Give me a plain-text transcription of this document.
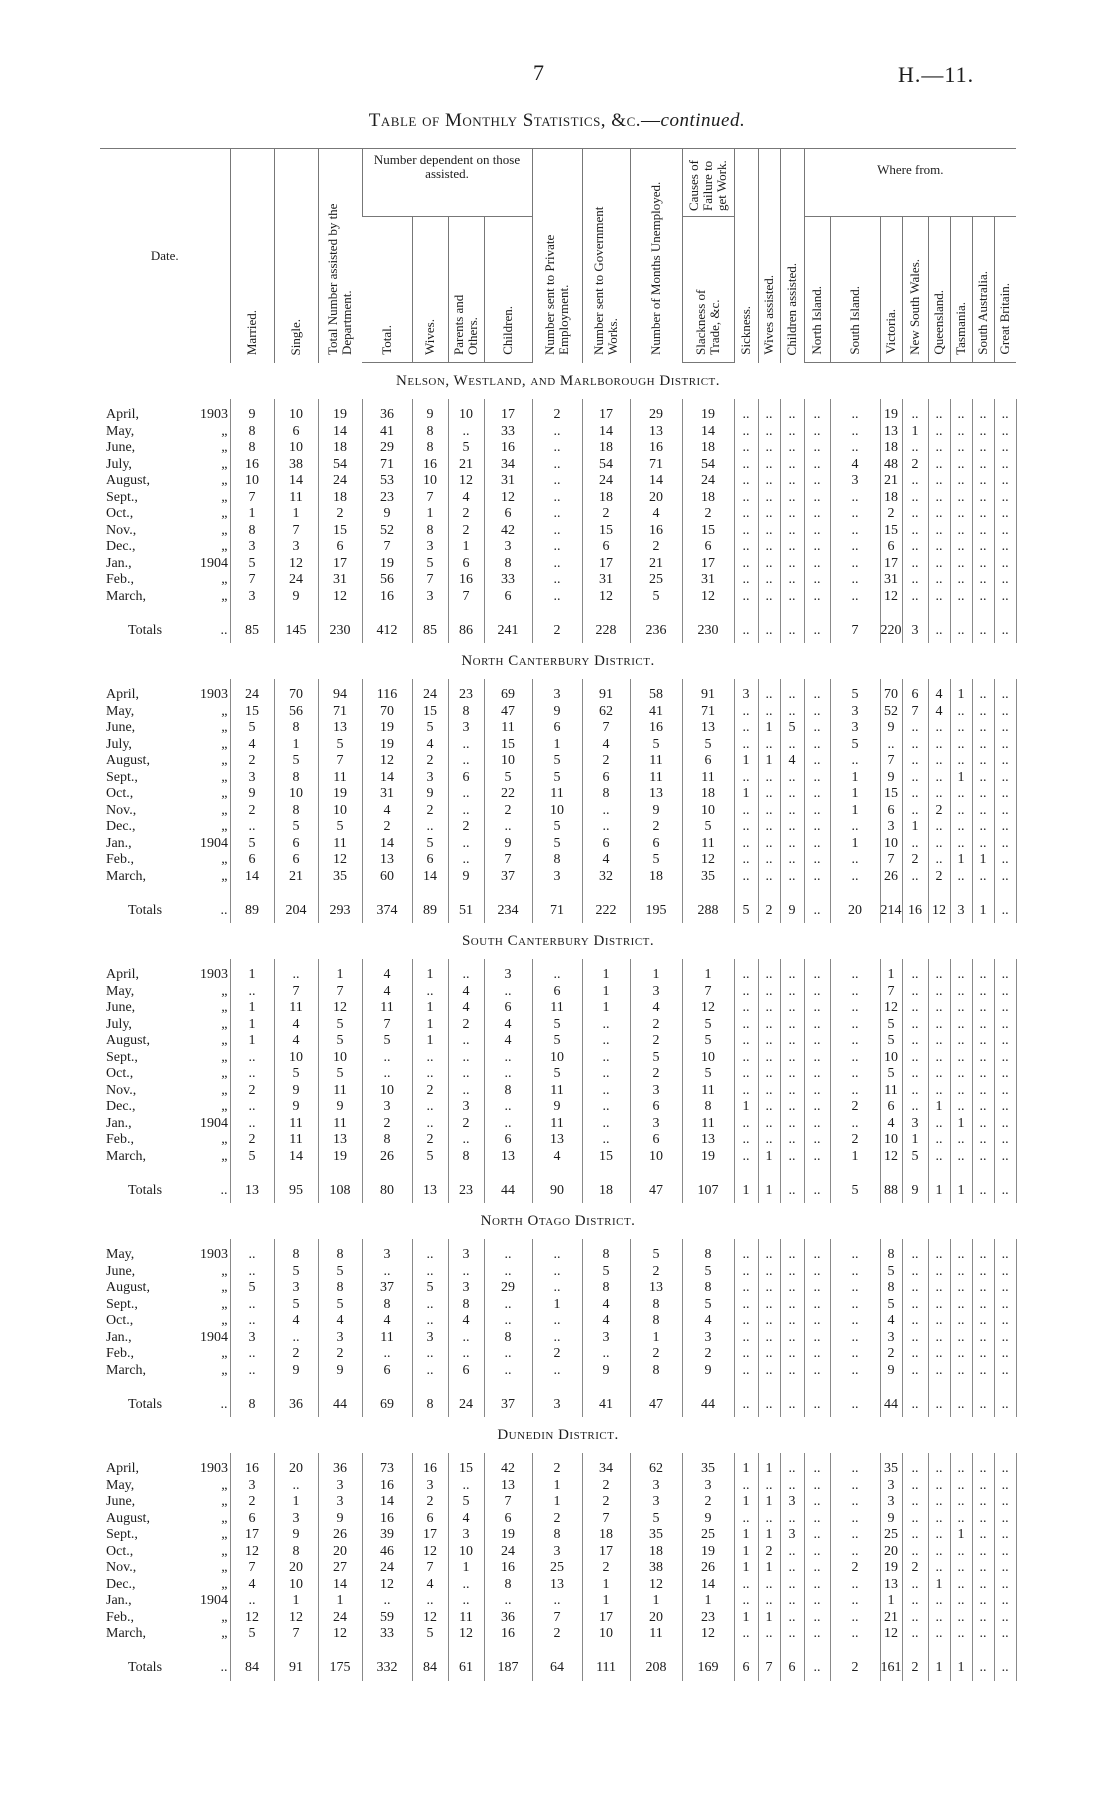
7	H.—11.
Table of Monthly Statistics, &c.—continued.
Date.		Married.	Single.	Total Number assisted by the Department.	Number dependent on those assisted.				Number sent to Private Employment.	Number sent to Government Works.	Number of Months Unemployed.	Causes of Failure to get Work.	Sickness.	Wives assisted.	Children assisted.	Where from.								
					Total.	Wives.	Parents and Others.	Children.				Slackness of Trade, &c.				North Island.	South Island.	Victoria.	New South Wales.	Queensland.	Tasmania.	South Australia.	Great Britain.	
Nelson, Westland, and Marlborough District.																								

April,	1903	9	10	19	36	9	10	17	2	17	29	19	..	..	..	..	..	19	..	..	..	..	..	
May,	„	8	6	14	41	8	..	33	..	14	13	14	..	..	..	..	..	13	1	..	..	..	..	
June,	„	8	10	18	29	8	5	16	..	18	16	18	..	..	..	..	..	18	..	..	..	..	..	
July,	„	16	38	54	71	16	21	34	..	54	71	54	..	..	..	..	4	48	2	..	..	..	..	
August,	„	10	14	24	53	10	12	31	..	24	14	24	..	..	..	..	3	21	..	..	..	..	..	
Sept.,	„	7	11	18	23	7	4	12	..	18	20	18	..	..	..	..	..	18	..	..	..	..	..	
Oct.,	„	1	1	2	9	1	2	6	..	2	4	2	..	..	..	..	..	2	..	..	..	..	..	
Nov.,	„	8	7	15	52	8	2	42	..	15	16	15	..	..	..	..	..	15	..	..	..	..	..	
Dec.,	„	3	3	6	7	3	1	3	..	6	2	6	..	..	..	..	..	6	..	..	..	..	..	
Jan.,	1904	5	12	17	19	5	6	8	..	17	21	17	..	..	..	..	..	17	..	..	..	..	..	
Feb.,	„	7	24	31	56	7	16	33	..	31	25	31	..	..	..	..	..	31	..	..	..	..	..	
March,	„	3	9	12	16	3	7	6	..	12	5	12	..	..	..	..	..	12	..	..	..	..	..	

Totals	..	85	145	230	412	85	86	241	2	228	236	230	..	..	..	..	7	220	3	..	..	..	..	
North Canterbury District.																								

April,	1903	24	70	94	116	24	23	69	3	91	58	91	3	..	..	..	5	70	6	4	1	..	..	
May,	„	15	56	71	70	15	8	47	9	62	41	71	..	..	..	..	3	52	7	4	..	..	..	
June,	„	5	8	13	19	5	3	11	6	7	16	13	..	1	5	..	3	9	..	..	..	..	..	
July,	„	4	1	5	19	4	..	15	1	4	5	5	..	..	..	..	5	..	..	..	..	..	..	
August,	„	2	5	7	12	2	..	10	5	2	11	6	1	1	4	..	..	7	..	..	..	..	..	
Sept.,	„	3	8	11	14	3	6	5	5	6	11	11	..	..	..	..	1	9	..	..	1	..	..	
Oct.,	„	9	10	19	31	9	..	22	11	8	13	18	1	..	..	..	1	15	..	..	..	..	..	
Nov.,	„	2	8	10	4	2	..	2	10	..	9	10	..	..	..	..	1	6	..	2	..	..	..	
Dec.,	„	..	5	5	2	..	2	..	5	..	2	5	..	..	..	..	..	3	1	..	..	..	..	
Jan.,	1904	5	6	11	14	5	..	9	5	6	6	11	..	..	..	..	1	10	..	..	..	..	..	
Feb.,	„	6	6	12	13	6	..	7	8	4	5	12	..	..	..	..	..	7	2	..	1	1	..	
March,	„	14	21	35	60	14	9	37	3	32	18	35	..	..	..	..	..	26	..	2	..	..	..	

Totals	..	89	204	293	374	89	51	234	71	222	195	288	5	2	9	..	20	214	16	12	3	1	..	
South Canterbury District.																								

April,	1903	1	..	1	4	1	..	3	..	1	1	1	..	..	..	..	..	1	..	..	..	..	..	
May,	„	..	7	7	4	..	4	..	6	1	3	7	..	..	..	..	..	7	..	..	..	..	..	
June,	„	1	11	12	11	1	4	6	11	1	4	12	..	..	..	..	..	12	..	..	..	..	..	
July,	„	1	4	5	7	1	2	4	5	..	2	5	..	..	..	..	..	5	..	..	..	..	..	
August,	„	1	4	5	5	1	..	4	5	..	2	5	..	..	..	..	..	5	..	..	..	..	..	
Sept.,	„	..	10	10	..	..	..	..	10	..	5	10	..	..	..	..	..	10	..	..	..	..	..	
Oct.,	„	..	5	5	..	..	..	..	5	..	2	5	..	..	..	..	..	5	..	..	..	..	..	
Nov.,	„	2	9	11	10	2	..	8	11	..	3	11	..	..	..	..	..	11	..	..	..	..	..	
Dec.,	„	..	9	9	3	..	3	..	9	..	6	8	1	..	..	..	2	6	..	1	..	..	..	
Jan.,	1904	..	11	11	2	..	2	..	11	..	3	11	..	..	..	..	..	4	3	..	1	..	..	
Feb.,	„	2	11	13	8	2	..	6	13	..	6	13	..	..	..	..	2	10	1	..	..	..	..	
March,	„	5	14	19	26	5	8	13	4	15	10	19	..	1	..	..	1	12	5	..	..	..	..	

Totals	..	13	95	108	80	13	23	44	90	18	47	107	1	1	..	..	5	88	9	1	1	..	..	
North Otago District.																								

May,	1903	..	8	8	3	..	3	..	..	8	5	8	..	..	..	..	..	8	..	..	..	..	..	
June,	„	..	5	5	..	..	..	..	..	5	2	5	..	..	..	..	..	5	..	..	..	..	..	
August,	„	5	3	8	37	5	3	29	..	8	13	8	..	..	..	..	..	8	..	..	..	..	..	
Sept.,	„	..	5	5	8	..	8	..	1	4	8	5	..	..	..	..	..	5	..	..	..	..	..	
Oct.,	„	..	4	4	4	..	4	..	..	4	8	4	..	..	..	..	..	4	..	..	..	..	..	
Jan.,	1904	3	..	3	11	3	..	8	..	3	1	3	..	..	..	..	..	3	..	..	..	..	..	
Feb.,	„	..	2	2	..	..	..	..	2	..	2	2	..	..	..	..	..	2	..	..	..	..	..	
March,	„	..	9	9	6	..	6	..	..	9	8	9	..	..	..	..	..	9	..	..	..	..	..	

Totals	..	8	36	44	69	8	24	37	3	41	47	44	..	..	..	..	..	44	..	..	..	..	..	
Dunedin District.																								

April,	1903	16	20	36	73	16	15	42	2	34	62	35	1	1	..	..	..	35	..	..	..	..	..	
May,	„	3	..	3	16	3	..	13	1	2	3	3	..	..	..	..	..	3	..	..	..	..	..	
June,	„	2	1	3	14	2	5	7	1	2	3	2	1	1	3	..	..	3	..	..	..	..	..	
August,	„	6	3	9	16	6	4	6	2	7	5	9	..	..	..	..	..	9	..	..	..	..	..	
Sept.,	„	17	9	26	39	17	3	19	8	18	35	25	1	1	3	..	..	25	..	..	1	..	..	
Oct.,	„	12	8	20	46	12	10	24	3	17	18	19	1	2	..	..	..	20	..	..	..	..	..	
Nov.,	„	7	20	27	24	7	1	16	25	2	38	26	1	1	..	..	2	19	2	..	..	..	..	
Dec.,	„	4	10	14	12	4	..	8	13	1	12	14	..	..	..	..	..	13	..	1	..	..	..	
Jan.,	1904	..	1	1	..	..	..	..	..	1	1	1	..	..	..	..	..	1	..	..	..	..	..	
Feb.,	„	12	12	24	59	12	11	36	7	17	20	23	1	1	..	..	..	21	..	..	..	..	..	
March,	„	5	7	12	33	5	12	16	2	10	11	12	..	..	..	..	..	12	..	..	..	..	..	

Totals	..	84	91	175	332	84	61	187	64	111	208	169	6	7	6	..	2	161	2	1	1	..	..	
